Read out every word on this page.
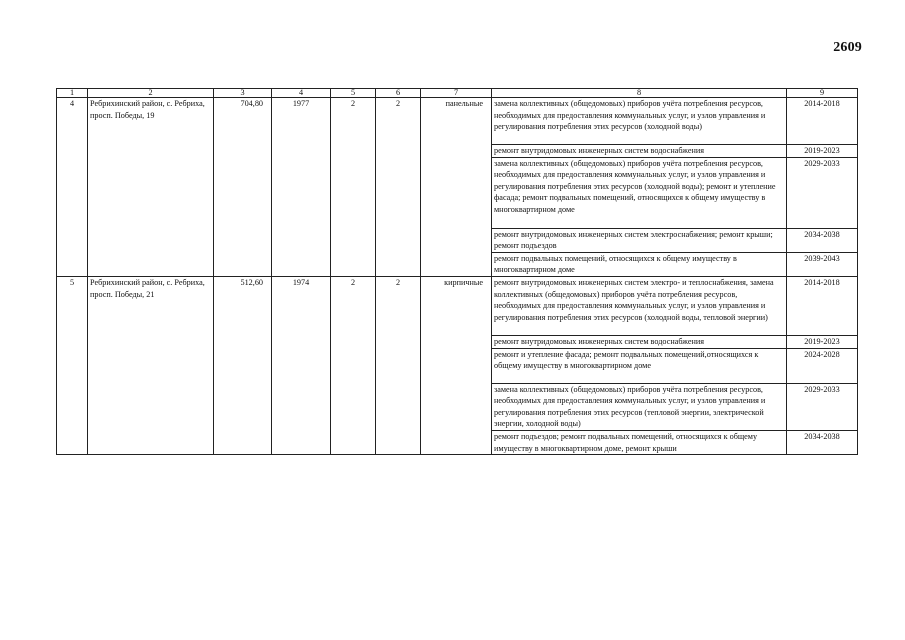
2609
1	2	3	4	5	6	7	8	9
4	Ребрихинский район, с. Ребриха, просп. Победы, 19	704,80	1977	2	2	панельные	замена коллективных (общедомовых) приборов учёта потребления ресурсов, необходимых для предоставления коммунальных услуг, и узлов управления и регулирования потребления этих ресурсов (холодной воды)	2014-2018
							ремонт внутридомовых инженерных систем водоснабжения	2019-2023
							замена коллективных (общедомовых) приборов учёта потребления ресурсов, необходимых для предоставления коммунальных услуг, и узлов управления и регулирования потребления этих ресурсов (холодной воды); ремонт и утепление фасада; ремонт подвальных помещений, относящихся к общему имуществу в многоквартирном доме	2029-2033
							ремонт внутридомовых инженерных систем электроснабжения; ремонт крыши; ремонт подъездов	2034-2038
							ремонт подвальных помещений, относящихся к общему имуществу в многоквартирном доме	2039-2043
5	Ребрихинский район, с. Ребриха, просп. Победы, 21	512,60	1974	2	2	кирпичные	ремонт внутридомовых инженерных систем электро- и теплоснабжения, замена коллективных (общедомовых) приборов учёта потребления ресурсов, необходимых для предоставления коммунальных услуг, и узлов управления и регулирования потребления этих ресурсов (холодной воды, тепловой энергии)	2014-2018
							ремонт внутридомовых инженерных систем водоснабжения	2019-2023
							ремонт и утепление фасада; ремонт подвальных помещений,относящихся к общему имуществу в многоквартирном доме	2024-2028
							замена коллективных (общедомовых) приборов учёта потребления ресурсов, необходимых для предоставления коммунальных услуг, и узлов управления и регулирования потребления этих ресурсов (тепловой энергии, электрической энергии, холодной воды)	2029-2033
							ремонт подъездов; ремонт подвальных помещений, относящихся к общему имуществу в многоквартирном доме, ремонт крыши	2034-2038
